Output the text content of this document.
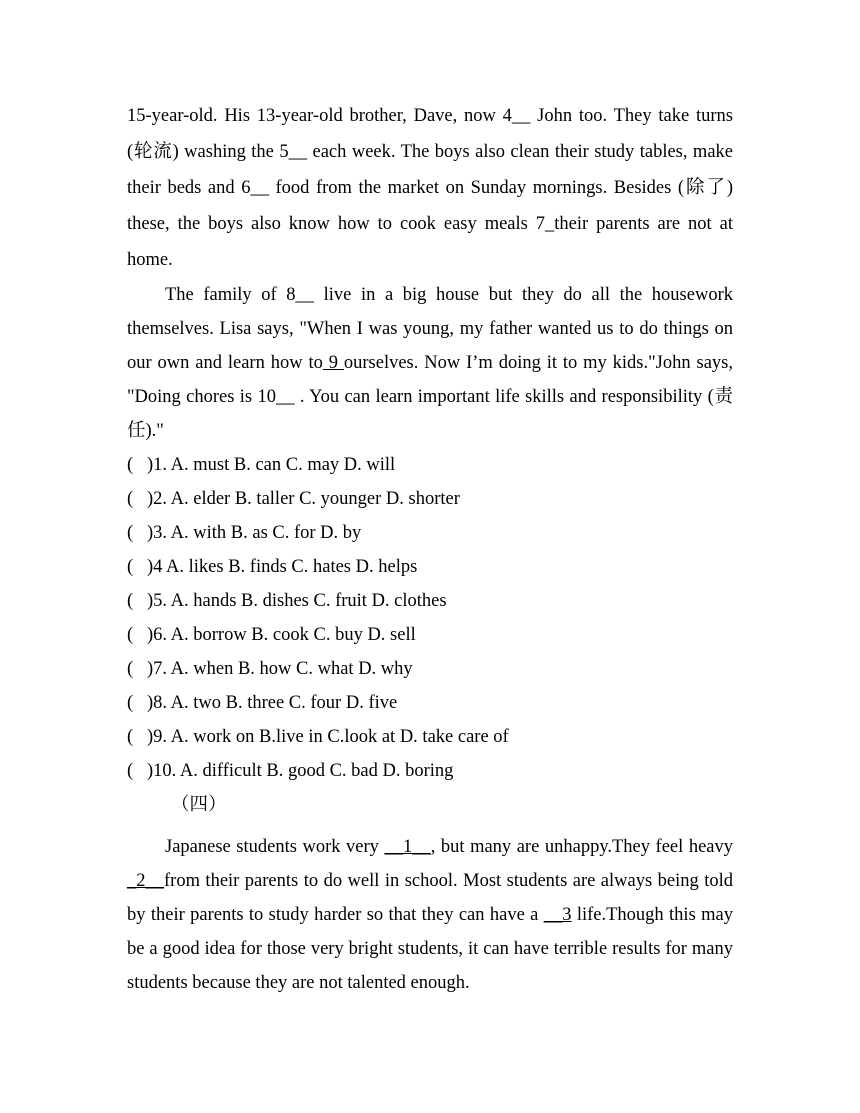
15-year-old. His 13-year-old brother, Dave, now 4__ John too. They take turns (轮流) washing the 5__ each week. The boys also clean their study tables, make their beds and 6__ food from the market on Sunday mornings. Besides (除了) these, the boys also know how to cook easy meals 7_their parents are not at home.

The family of 8__ live in a big house but they do all the housework themselves. Lisa says, "When I was young, my father wanted us to do things on our own and learn how to 9 ourselves. Now I’m doing it to my kids."John says, "Doing chores is 10__ . You can learn important life skills and responsibility (责任)."

( )1. A. must B. can C. may D. will
( )2. A. elder B. taller C. younger D. shorter
( )3. A. with B. as C. for D. by
( )4 A. likes B. finds C. hates D. helps
( )5. A. hands B. dishes C. fruit D. clothes
( )6. A. borrow B. cook C. buy D. sell
( )7. A. when B. how C. what D. why
( )8. A. two B. three C. four D. five
( )9. A. work on B.live in C.look at D. take care of
( )10. A. difficult B. good C. bad D. boring
（四）

Japanese students work very __1__, but many are unhappy.They feel heavy _2__from their parents to do well in school. Most students are always being told by their parents to study harder so that they can have a __3 life.Though this may be a good idea for those very bright students, it can have terrible results for many students because they are not talented enough.
